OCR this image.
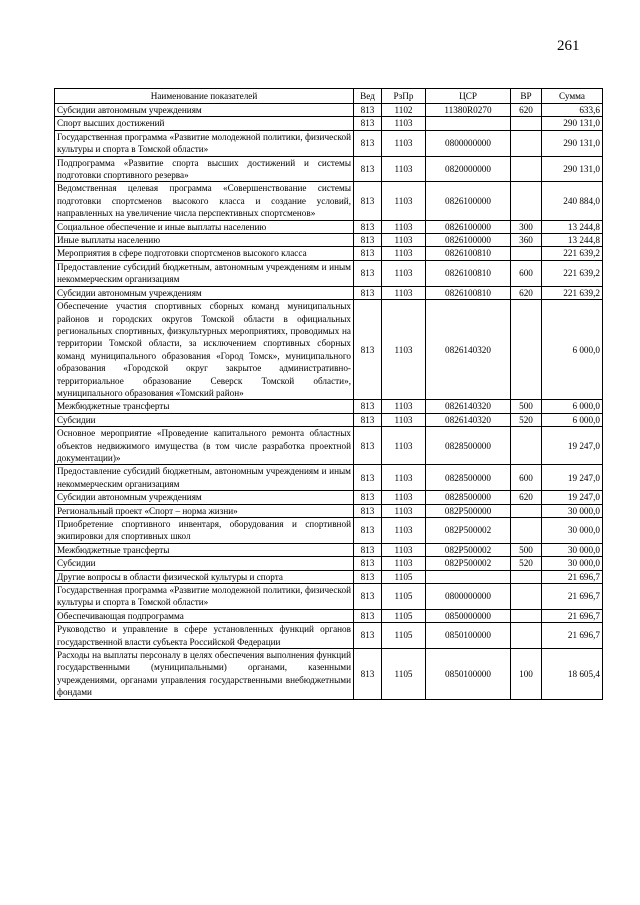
261
Наименование показателей	Вед	РзПр	ЦСР	ВР	Сумма
Субсидии автономным учреждениям	813	1102	11380R0270	620	633,6
Спорт высших достижений	813	1103			290 131,0
Государственная программа «Развитие молодежной политики, физической культуры и спорта в Томской области»	813	1103	0800000000		290 131,0
Подпрограмма «Развитие спорта высших достижений и системы подготовки спортивного резерва»	813	1103	0820000000		290 131,0
Ведомственная целевая программа «Совершенствование системы подготовки спортсменов высокого класса и создание условий, направленных на увеличение числа перспективных спортсменов»	813	1103	0826100000		240 884,0
Социальное обеспечение и иные выплаты населению	813	1103	0826100000	300	13 244,8
Иные выплаты населению	813	1103	0826100000	360	13 244,8
Мероприятия в сфере подготовки спортсменов высокого класса	813	1103	0826100810		221 639,2
Предоставление субсидий бюджетным, автономным учреждениям и иным некоммерческим организациям	813	1103	0826100810	600	221 639,2
Субсидии автономным учреждениям	813	1103	0826100810	620	221 639,2
Обеспечение участия спортивных сборных команд муниципальных районов и городских округов Томской области в официальных региональных спортивных, физкультурных мероприятиях, проводимых на территории Томской области, за исключением спортивных сборных команд муниципального образования «Город Томск», муниципального образования «Городской округ закрытое административно-территориальное образование Северск Томской области», муниципального образования «Томский район»	813	1103	0826140320		6 000,0
Межбюджетные трансферты	813	1103	0826140320	500	6 000,0
Субсидии	813	1103	0826140320	520	6 000,0
Основное мероприятие «Проведение капитального ремонта областных объектов недвижимого имущества (в том числе разработка проектной документации)»	813	1103	0828500000		19 247,0
Предоставление субсидий бюджетным, автономным учреждениям и иным некоммерческим организациям	813	1103	0828500000	600	19 247,0
Субсидии автономным учреждениям	813	1103	0828500000	620	19 247,0
Региональный проект «Спорт – норма жизни»	813	1103	082P500000		30 000,0
Приобретение спортивного инвентаря, оборудования и спортивной экипировки для спортивных школ	813	1103	082P500002		30 000,0
Межбюджетные трансферты	813	1103	082P500002	500	30 000,0
Субсидии	813	1103	082P500002	520	30 000,0
Другие вопросы в области физической культуры и спорта	813	1105			21 696,7
Государственная программа «Развитие молодежной политики, физической культуры и спорта в Томской области»	813	1105	0800000000		21 696,7
Обеспечивающая подпрограмма	813	1105	0850000000		21 696,7
Руководство и управление в сфере установленных функций органов государственной власти субъекта Российской Федерации	813	1105	0850100000		21 696,7
Расходы на выплаты персоналу в целях обеспечения выполнения функций государственными (муниципальными) органами, казенными учреждениями, органами управления государственными внебюджетными фондами	813	1105	0850100000	100	18 605,4
